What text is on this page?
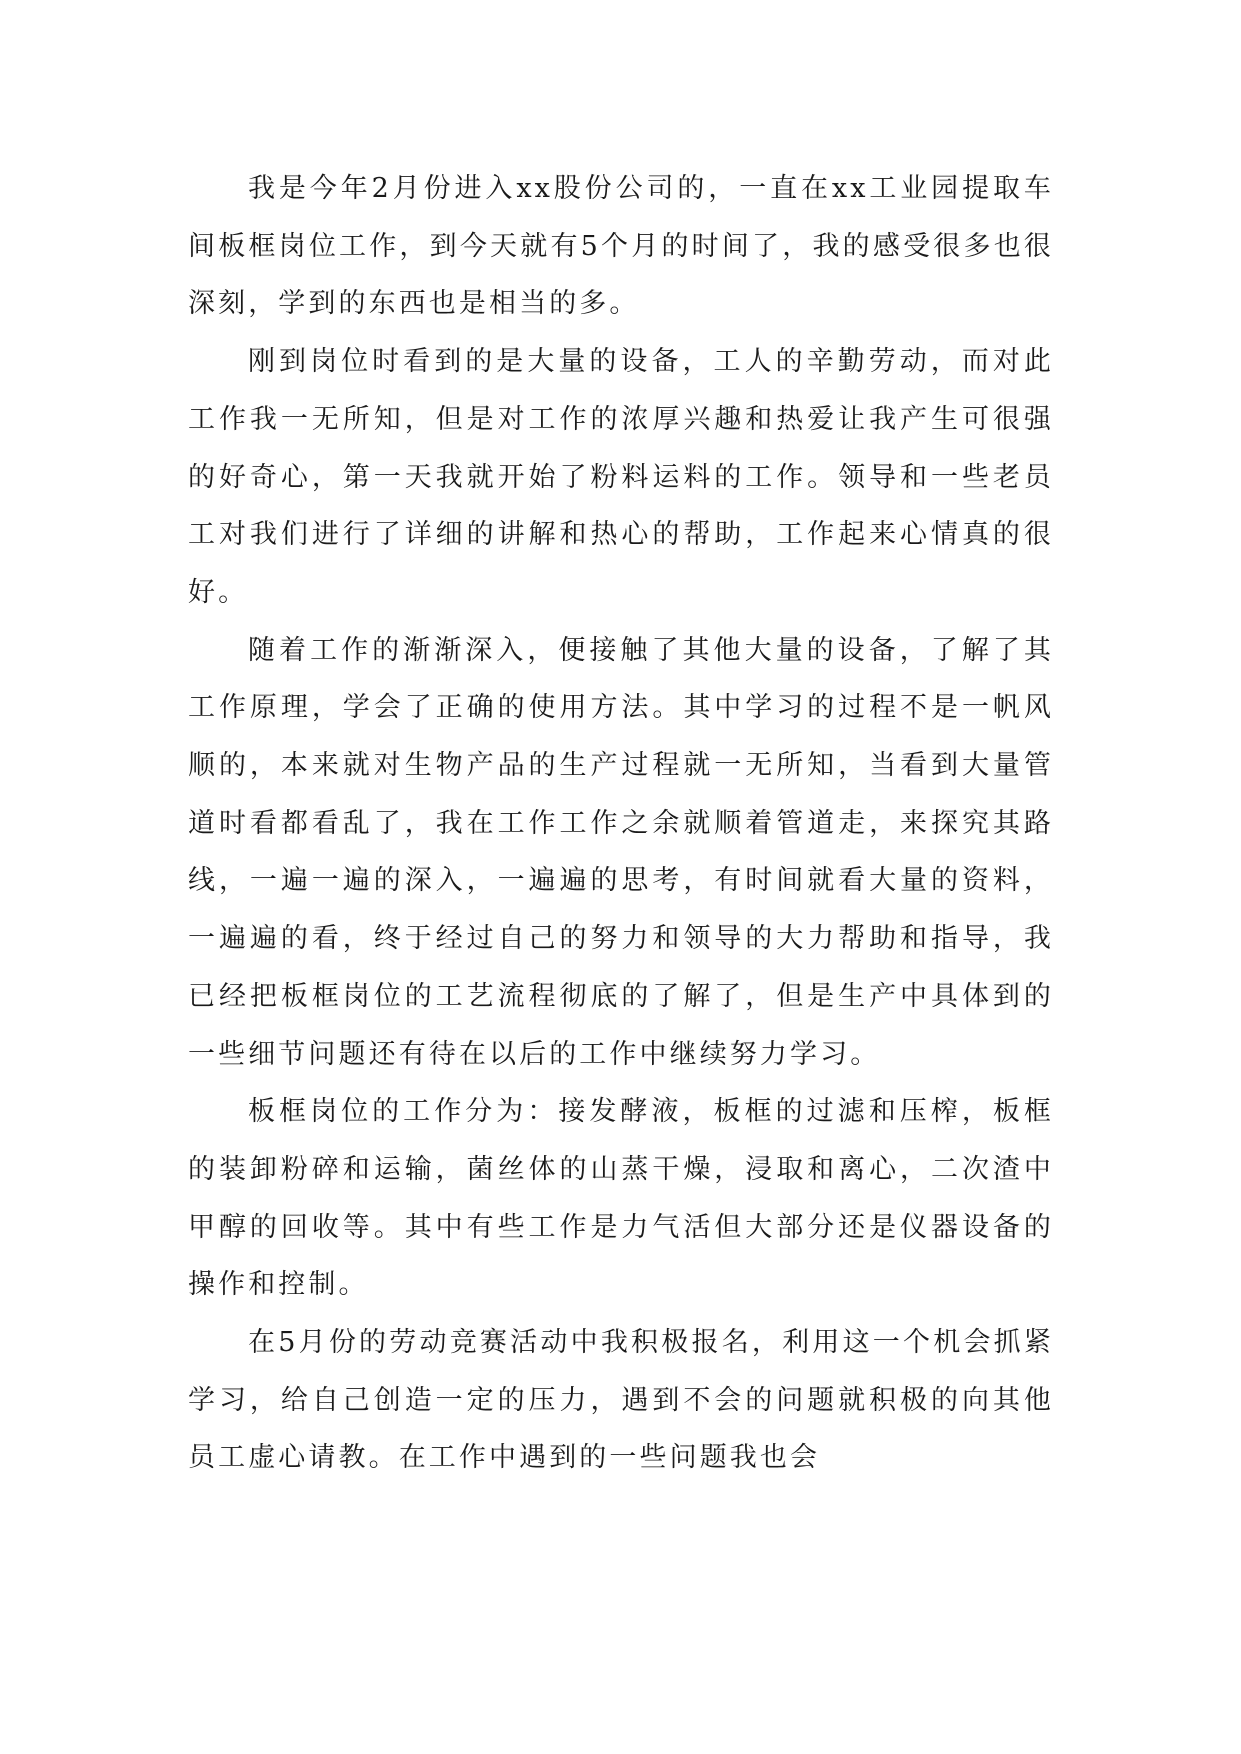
我是今年2月份进入xx股份公司的，一直在xx工业园提取车间板框岗位工作，到今天就有5个月的时间了，我的感受很多也很深刻，学到的东西也是相当的多。

刚到岗位时看到的是大量的设备，工人的辛勤劳动，而对此工作我一无所知，但是对工作的浓厚兴趣和热爱让我产生可很强的好奇心，第一天我就开始了粉料运料的工作。领导和一些老员工对我们进行了详细的讲解和热心的帮助，工作起来心情真的很好。

随着工作的渐渐深入，便接触了其他大量的设备，了解了其工作原理，学会了正确的使用方法。其中学习的过程不是一帆风顺的，本来就对生物产品的生产过程就一无所知，当看到大量管道时看都看乱了，我在工作工作之余就顺着管道走，来探究其路线，一遍一遍的深入，一遍遍的思考，有时间就看大量的资料，一遍遍的看，终于经过自己的努力和领导的大力帮助和指导，我已经把板框岗位的工艺流程彻底的了解了，但是生产中具体到的一些细节问题还有待在以后的工作中继续努力学习。

板框岗位的工作分为：接发酵液，板框的过滤和压榨，板框的装卸粉碎和运输，菌丝体的山蒸干燥，浸取和离心，二次渣中甲醇的回收等。其中有些工作是力气活但大部分还是仪器设备的操作和控制。

在5月份的劳动竞赛活动中我积极报名，利用这一个机会抓紧学习，给自己创造一定的压力，遇到不会的问题就积极的向其他员工虚心请教。在工作中遇到的一些问题我也会
